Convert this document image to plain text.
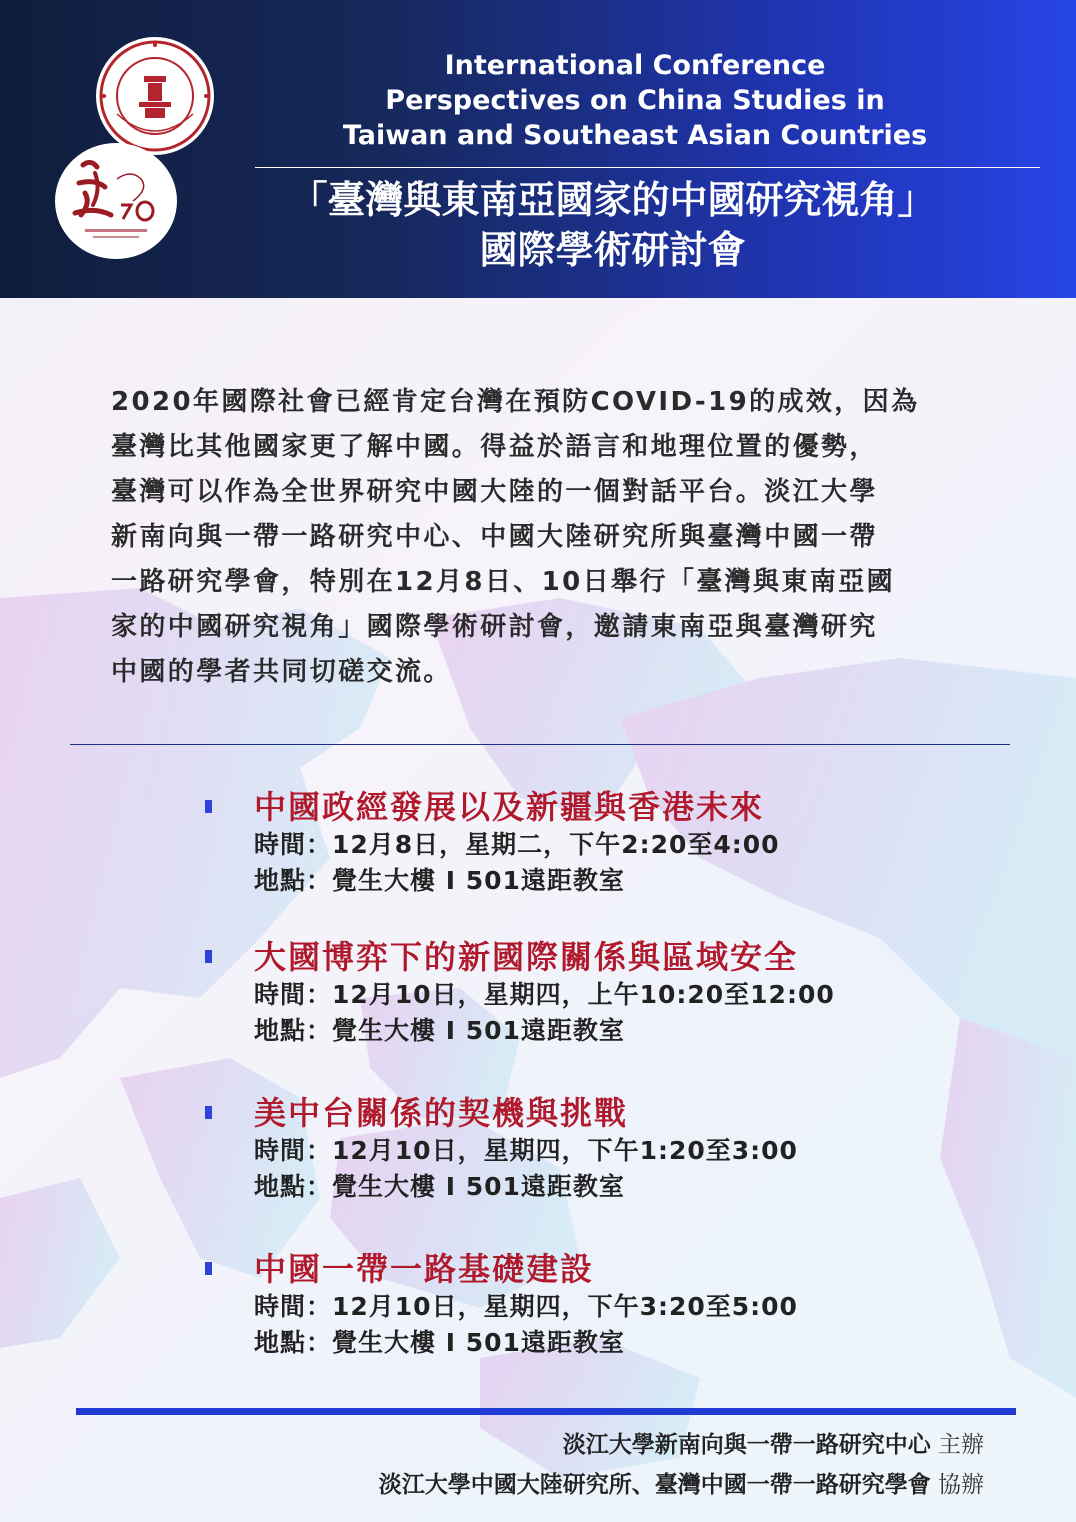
International Conference
Perspectives on China Studies in
Taiwan and Southeast Asian Countries
「臺灣與東南亞國家的中國研究視角」
國際學術研討會
2020年國際社會已經肯定台灣在預防COVID-19的成效，因為
臺灣比其他國家更了解中國。得益於語言和地理位置的優勢，
臺灣可以作為全世界研究中國大陸的一個對話平台。淡江大學
新南向與一帶一路研究中心、中國大陸研究所與臺灣中國一帶
一路研究學會，特別在12月8日、10日舉行「臺灣與東南亞國
家的中國研究視角」國際學術研討會，邀請東南亞與臺灣研究
中國的學者共同切磋交流。
中國政經發展以及新疆與香港未來
時間：12月8日，星期二，下午2:20至4:00
地點：覺生大樓 I 501遠距教室
大國博弈下的新國際關係與區域安全
時間：12月10日，星期四，上午10:20至12:00
地點：覺生大樓 I 501遠距教室
美中台關係的契機與挑戰
時間：12月10日，星期四，下午1:20至3:00
地點：覺生大樓 I 501遠距教室
中國一帶一路基礎建設
時間：12月10日，星期四，下午3:20至5:00
地點：覺生大樓 I 501遠距教室
淡江大學新南向與一帶一路研究中心 主辦
淡江大學中國大陸研究所、臺灣中國一帶一路研究學會 協辦
